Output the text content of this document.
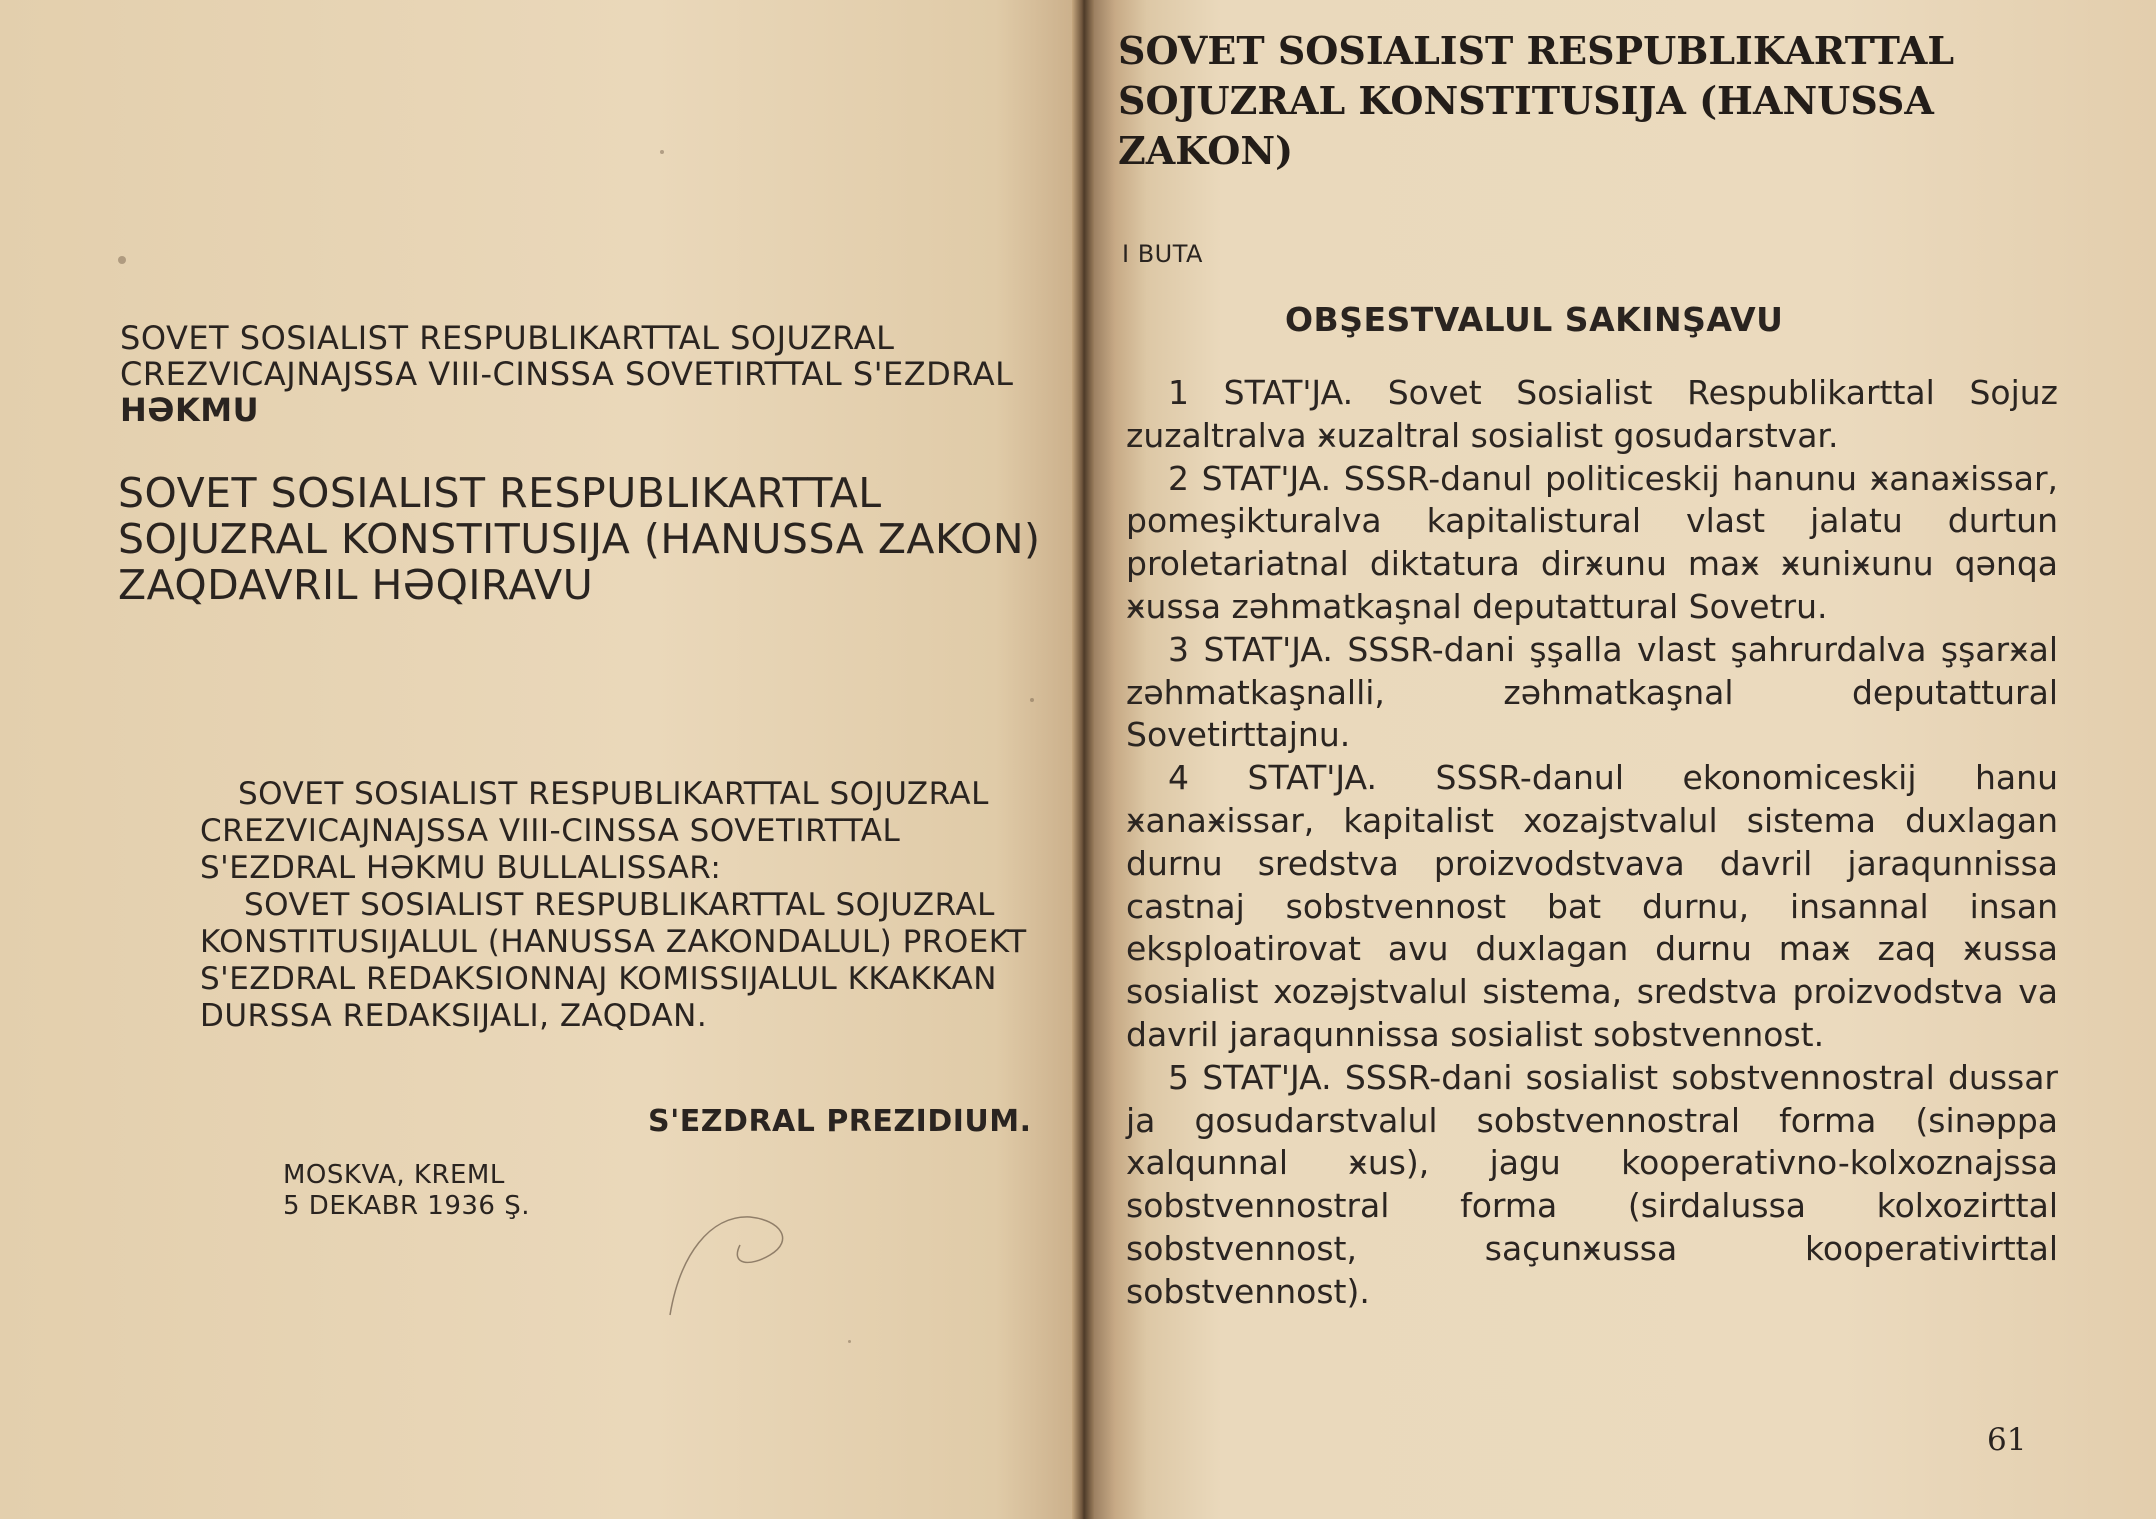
SOVET SOSIALIST RESPUBLIKARTTAL SOJUZRAL CREZVICAJNAJSSA VIII-CINSSA SOVETIRTTAL S'EZDRAL HƏKMU
SOVET SOSIALIST RESPUBLIKARTTAL SOJUZRAL KONSTITUSIJA (HANUSSA ZAKON) ZAQDAVRIL HƏQIRAVU

SOVET SOSIALIST RESPUBLIKARTTAL SOJUZRAL CREZVICAJNAJSSA VIII-CINSSA SOVETIRTTAL S'EZDRAL HƏKMU BULLALISSAR:

SOVET SOSIALIST RESPUBLIKARTTAL SOJUZRAL KONSTITUSIJALUL (HANUSSA ZAKONDALUL) PROEKT S'EZDRAL REDAKSIONNAJ KOMISSIJALUL KKAKKAN DURSSA REDAKSIJALI, ZAQDAN.

S'EZDRAL PREZIDIUM.
MOSKVA, KREML
5 DEKABR 1936 Ş.
SOVET SOSIALIST RESPUBLIKARTTAL SOJUZRAL KONSTITUSIJA (HANUSSA ZAKON)
I BUTA
OBŞESTVALUL SAKINŞAVU

1 STAT'JA. Sovet Sosialist Respublikarttal Sojuz zuzaltralva ӿuzaltral sosialist gosudarstvar.

2 STAT'JA. SSSR-danul politiceskij hanunu ӿanaӿissar, pomeşikturalva kapitalistural vlast jalatu durtun proletariatnal diktatura dirӿunu maӿ ӿuniӿunu qənqa ӿussa zəhmatkaşnal deputattural Sovetru.

3 STAT'JA. SSSR-dani şşalla vlast şahrurdalva şşarӿal zəhmatkaşnalli, zəhmatkaşnal deputattural Sovetirttajnu.

4 STAT'JA. SSSR-danul ekonomiceskij hanu ӿanaӿissar, kapitalist xozajstvalul sistema duxlagan durnu sredstva proizvodstvava davril jaraqunnissa castnaj sobstvennost bat durnu, insannal insan eksploatirovat avu duxlagan durnu maӿ zaq ӿussa sosialist xozəjstvalul sistema, sredstva proizvodstva va davril jaraqunnissa sosialist sobstvennost.

5 STAT'JA. SSSR-dani sosialist sobstvennostral dussar ja gosudarstvalul sobstvennostral forma (sinəppa xalqunnal ӿus), jagu kooperativno-kolxoznajssa sobstvennostral forma (sirdalussa kolxozirttal sobstvennost, saçunӿussa kooperativirttal sobstvennost).

61
